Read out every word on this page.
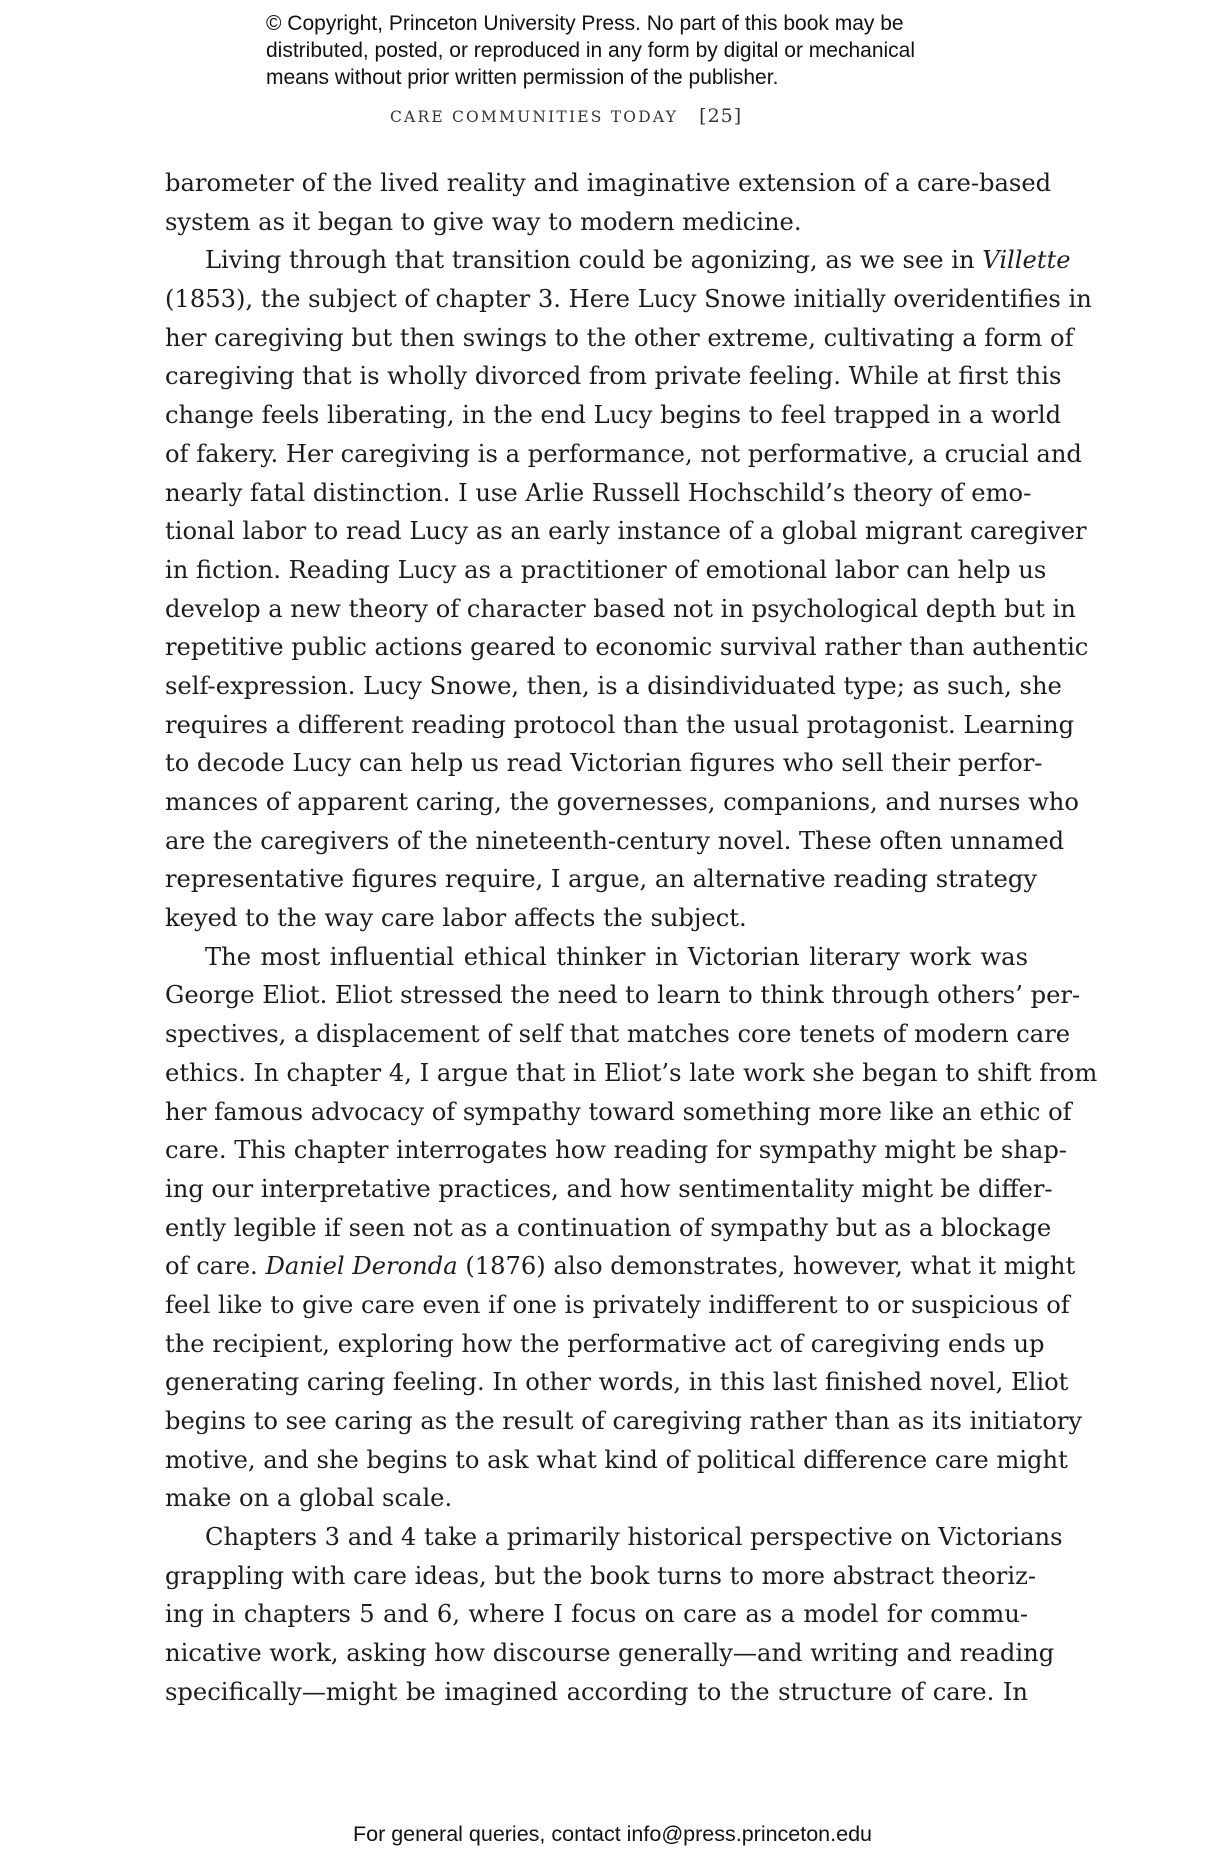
© Copyright, Princeton University Press. No part of this book may be
distributed, posted, or reproduced in any form by digital or mechanical
means without prior written permission of the publisher.
CARE COMMUNITIES TODAY [25]
barometer of the lived reality and imaginative extension of a care-based
system as it began to give way to modern medicine.
Living through that transition could be agonizing, as we see in Villette
(1853), the subject of chapter 3. Here Lucy Snowe initially overidentifies in
her caregiving but then swings to the other extreme, cultivating a form of
caregiving that is wholly divorced from private feeling. While at first this
change feels liberating, in the end Lucy begins to feel trapped in a world
of fakery. Her caregiving is a performance, not performative, a crucial and
nearly fatal distinction. I use Arlie Russell Hochschild’s theory of emo-
tional labor to read Lucy as an early instance of a global migrant caregiver
in fiction. Reading Lucy as a practitioner of emotional labor can help us
develop a new theory of character based not in psychological depth but in
repetitive public actions geared to economic survival rather than authentic
self-expression. Lucy Snowe, then, is a disindividuated type; as such, she
requires a different reading protocol than the usual protagonist. Learning
to decode Lucy can help us read Victorian figures who sell their perfor-
mances of apparent caring, the governesses, companions, and nurses who
are the caregivers of the nineteenth-century novel. These often unnamed
representative figures require, I argue, an alternative reading strategy
keyed to the way care labor affects the subject.
The most influential ethical thinker in Victorian literary work was
George Eliot. Eliot stressed the need to learn to think through others’ per-
spectives, a displacement of self that matches core tenets of modern care
ethics. In chapter 4, I argue that in Eliot’s late work she began to shift from
her famous advocacy of sympathy toward something more like an ethic of
care. This chapter interrogates how reading for sympathy might be shap-
ing our interpretative practices, and how sentimentality might be differ-
ently legible if seen not as a continuation of sympathy but as a blockage
of care. Daniel Deronda (1876) also demonstrates, however, what it might
feel like to give care even if one is privately indifferent to or suspicious of
the recipient, exploring how the performative act of caregiving ends up
generating caring feeling. In other words, in this last finished novel, Eliot
begins to see caring as the result of caregiving rather than as its initiatory
motive, and she begins to ask what kind of political difference care might
make on a global scale.
Chapters 3 and 4 take a primarily historical perspective on Victorians
grappling with care ideas, but the book turns to more abstract theoriz-
ing in chapters 5 and 6, where I focus on care as a model for commu-
nicative work, asking how discourse generally—and writing and reading
specifically—might be imagined according to the structure of care. In
For general queries, contact info@press.princeton.edu
